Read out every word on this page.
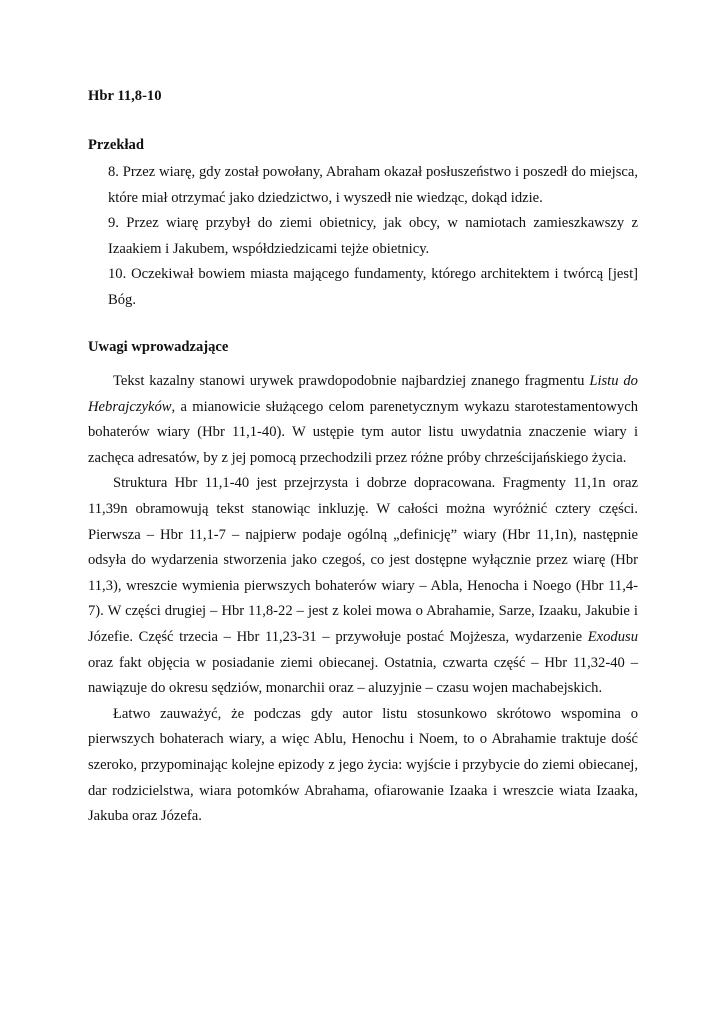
Hbr 11,8-10
Przekład

8. Przez wiarę, gdy został powołany, Abraham okazał posłuszeństwo i poszedł do miejsca, które miał otrzymać jako dziedzictwo, i wyszedł nie wiedząc, dokąd idzie.

9. Przez wiarę przybył do ziemi obietnicy, jak obcy, w namiotach zamieszkawszy z Izaakiem i Jakubem, współdziedzicami tejże obietnicy.

10. Oczekiwał bowiem miasta mającego fundamenty, którego architektem i twórcą [jest] Bóg.

Uwagi wprowadzające

Tekst kazalny stanowi urywek prawdopodobnie najbardziej znanego fragmentu Listu do Hebrajczyków, a mianowicie służącego celom parenetycznym wykazu starotestamentowych bohaterów wiary (Hbr 11,1-40). W ustępie tym autor listu uwydatnia znaczenie wiary i zachęca adresatów, by z jej pomocą przechodzili przez różne próby chrześcijańskiego życia.

Struktura Hbr 11,1-40 jest przejrzysta i dobrze dopracowana. Fragmenty 11,1n oraz 11,39n obramowują tekst stanowiąc inkluzję. W całości można wyróżnić cztery części. Pierwsza – Hbr 11,1-7 – najpierw podaje ogólną „definicję” wiary (Hbr 11,1n), następnie odsyła do wydarzenia stworzenia jako czegoś, co jest dostępne wyłącznie przez wiarę (Hbr 11,3), wreszcie wymienia pierwszych bohaterów wiary – Abla, Henocha i Noego (Hbr 11,4-7). W części drugiej – Hbr 11,8-22 – jest z kolei mowa o Abrahamie, Sarze, Izaaku, Jakubie i Józefie. Część trzecia – Hbr 11,23-31 – przywołuje postać Mojżesza, wydarzenie Exodusu oraz fakt objęcia w posiadanie ziemi obiecanej. Ostatnia, czwarta część – Hbr 11,32-40 – nawiązuje do okresu sędziów, monarchii oraz – aluzyjnie – czasu wojen machabejskich.

Łatwo zauważyć, że podczas gdy autor listu stosunkowo skrótowo wspomina o pierwszych bohaterach wiary, a więc Ablu, Henochu i Noem, to o Abrahamie traktuje dość szeroko, przypominając kolejne epizody z jego życia: wyjście i przybycie do ziemi obiecanej, dar rodzicielstwa, wiara potomków Abrahama, ofiarowanie Izaaka i wreszcie wiata Izaaka, Jakuba oraz Józefa.
